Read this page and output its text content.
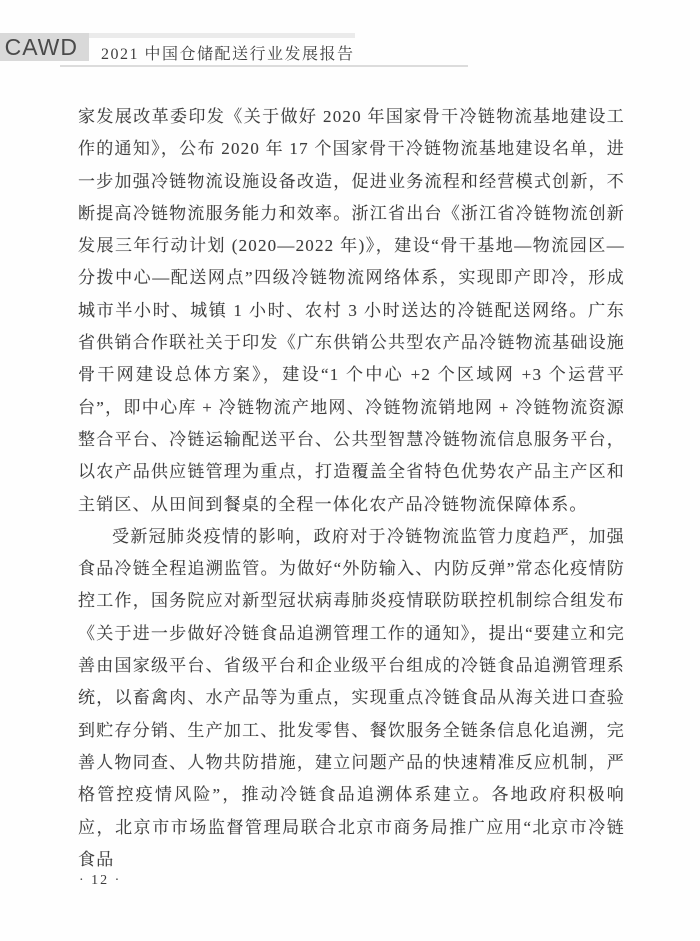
CAWD 2021 中国仓储配送行业发展报告

家发展改革委印发《关于做好 2020 年国家骨干冷链物流基地建设工作的通知》，公布 2020 年 17 个国家骨干冷链物流基地建设名单，进一步加强冷链物流设施设备改造，促进业务流程和经营模式创新，不断提高冷链物流服务能力和效率。浙江省出台《浙江省冷链物流创新发展三年行动计划 (2020—2022 年)》，建设“骨干基地—物流园区—分拨中心—配送网点”四级冷链物流网络体系，实现即产即冷，形成城市半小时、城镇 1 小时、农村 3 小时送达的冷链配送网络。广东省供销合作联社关于印发《广东供销公共型农产品冷链物流基础设施骨干网建设总体方案》，建设“1 个中心 +2 个区域网 +3 个运营平台”，即中心库 + 冷链物流产地网、冷链物流销地网 + 冷链物流资源整合平台、冷链运输配送平台、公共型智慧冷链物流信息服务平台，以农产品供应链管理为重点，打造覆盖全省特色优势农产品主产区和主销区、从田间到餐桌的全程一体化农产品冷链物流保障体系。

受新冠肺炎疫情的影响，政府对于冷链物流监管力度趋严，加强食品冷链全程追溯监管。为做好“外防输入、内防反弹”常态化疫情防控工作，国务院应对新型冠状病毒肺炎疫情联防联控机制综合组发布《关于进一步做好冷链食品追溯管理工作的通知》，提出“要建立和完善由国家级平台、省级平台和企业级平台组成的冷链食品追溯管理系统，以畜禽肉、水产品等为重点，实现重点冷链食品从海关进口查验到贮存分销、生产加工、批发零售、餐饮服务全链条信息化追溯，完善人物同查、人物共防措施，建立问题产品的快速精准反应机制，严格管控疫情风险”，推动冷链食品追溯体系建立。各地政府积极响应，北京市市场监督管理局联合北京市商务局推广应用“北京市冷链食品

· 12 ·
